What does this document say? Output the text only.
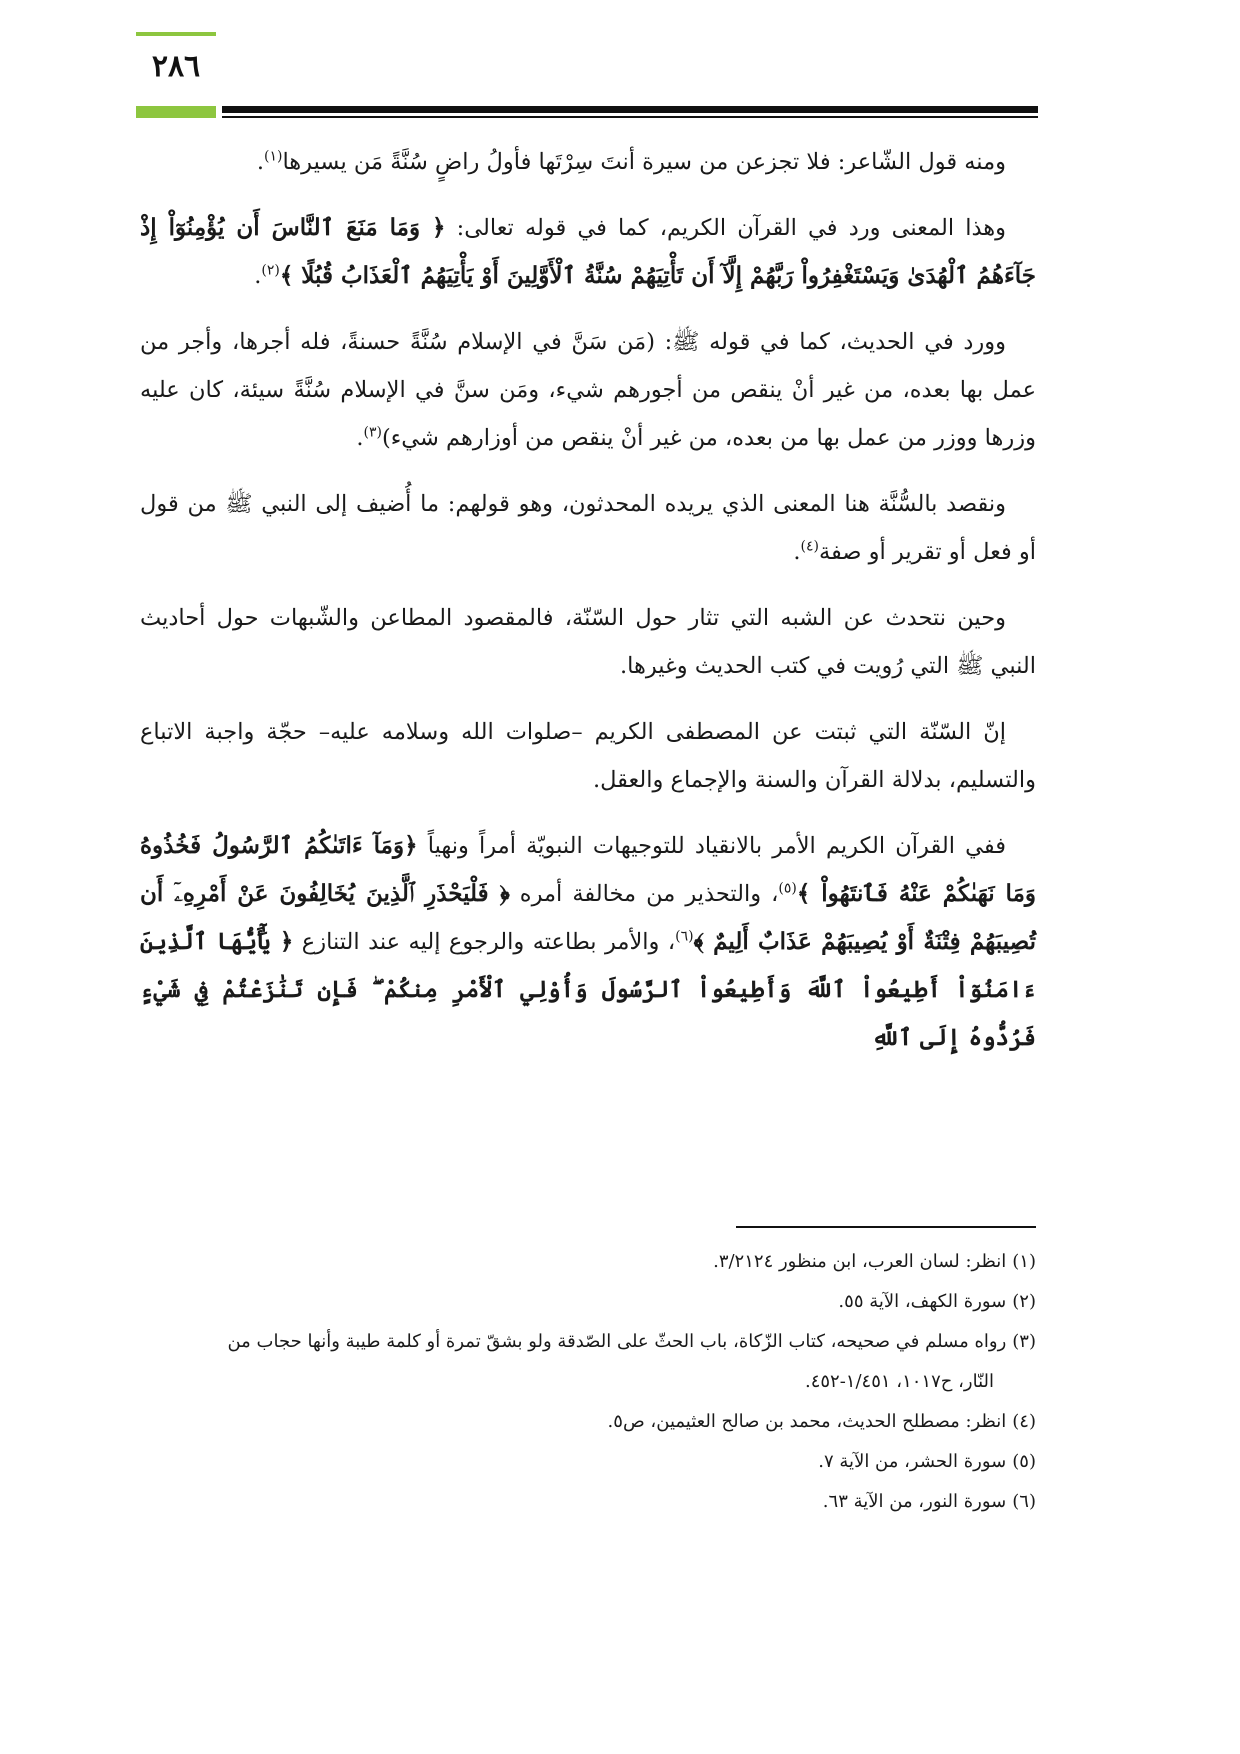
٢٨٦

ومنه قول الشّاعر: فلا تجزعن من سيرة أنتَ سِرْتَها فأولُ راضٍ سُنَّةً مَن يسيرها$^{(١)}$.

وهذا المعنى ورد في القرآن الكريم، كما في قوله تعالى: ﴿ وَمَا مَنَعَ ٱلنَّاسَ أَن يُؤْمِنُوٓاْ إِذْ جَآءَهُمُ ٱلْهُدَىٰ وَيَسْتَغْفِرُواْ رَبَّهُمْ إِلَّآ أَن تَأْتِيَهُمْ سُنَّةُ ٱلْأَوَّلِينَ أَوْ يَأْتِيَهُمُ ٱلْعَذَابُ قُبُلًا ﴾$^{(٢)}$.

وورد في الحديث، كما في قوله ﷺ: (مَن سَنَّ في الإسلام سُنَّةً حسنةً، فله أجرها، وأجر من عمل بها بعده، من غير أنْ ينقص من أجورهم شيء، ومَن سنَّ في الإسلام سُنَّةً سيئة، كان عليه وزرها ووزر من عمل بها من بعده، من غير أنْ ينقص من أوزارهم شيء)$^{(٣)}$.

ونقصد بالسُّنَّة هنا المعنى الذي يريده المحدثون، وهو قولهم: ما أُضيف إلى النبي ﷺ من قول أو فعل أو تقرير أو صفة$^{(٤)}$.

وحين نتحدث عن الشبه التي تثار حول السّنّة، فالمقصود المطاعن والشّبهات حول أحاديث النبي ﷺ التي رُويت في كتب الحديث وغيرها.

إنّ السّنّة التي ثبتت عن المصطفى الكريم –صلوات الله وسلامه عليه– حجّة واجبة الاتباع والتسليم، بدلالة القرآن والسنة والإجماع والعقل.

ففي القرآن الكريم الأمر بالانقياد للتوجيهات النبويّة أمراً ونهياً ﴿وَمَآ ءَاتَىٰكُمُ ٱلرَّسُولُ فَخُذُوهُ وَمَا نَهَىٰكُمْ عَنْهُ فَٱنتَهُواْ ﴾$^{(٥)}$، والتحذير من مخالفة أمره ﴿ فَلْيَحْذَرِ ٱلَّذِينَ يُخَالِفُونَ عَنْ أَمْرِهِۦٓ أَن تُصِيبَهُمْ فِتْنَةٌ أَوْ يُصِيبَهُمْ عَذَابٌ أَلِيمٌ ﴾$^{(٦)}$، والأمر بطاعته والرجوع إليه عند التنازع ﴿ يَٰٓأَيُّهَا ٱلَّذِينَ ءَامَنُوٓاْ أَطِيعُواْ ٱللَّهَ وَأَطِيعُواْ ٱلرَّسُولَ وَأُوْلِي ٱلْأَمْرِ مِنكُمْ ۖ فَإِن تَنَٰزَعْتُمْ فِي شَيْءٍ فَرُدُّوهُ إِلَى ٱللَّهِ

(١)انظر: لسان العرب، ابن منظور ٣/٢١٢٤.

(٢)سورة الكهف، الآية ٥٥.

(٣)رواه مسلم في صحيحه، كتاب الزّكاة، باب الحثّ على الصّدقة ولو بشقّ تمرة أو كلمة طيبة وأنها حجاب من
النّار، ح١٠١٧، ١/٤٥١-٤٥٢.

(٤)انظر: مصطلح الحديث، محمد بن صالح العثيمين، ص٥.

(٥)سورة الحشر، من الآية ٧.

(٦)سورة النور، من الآية ٦٣.
